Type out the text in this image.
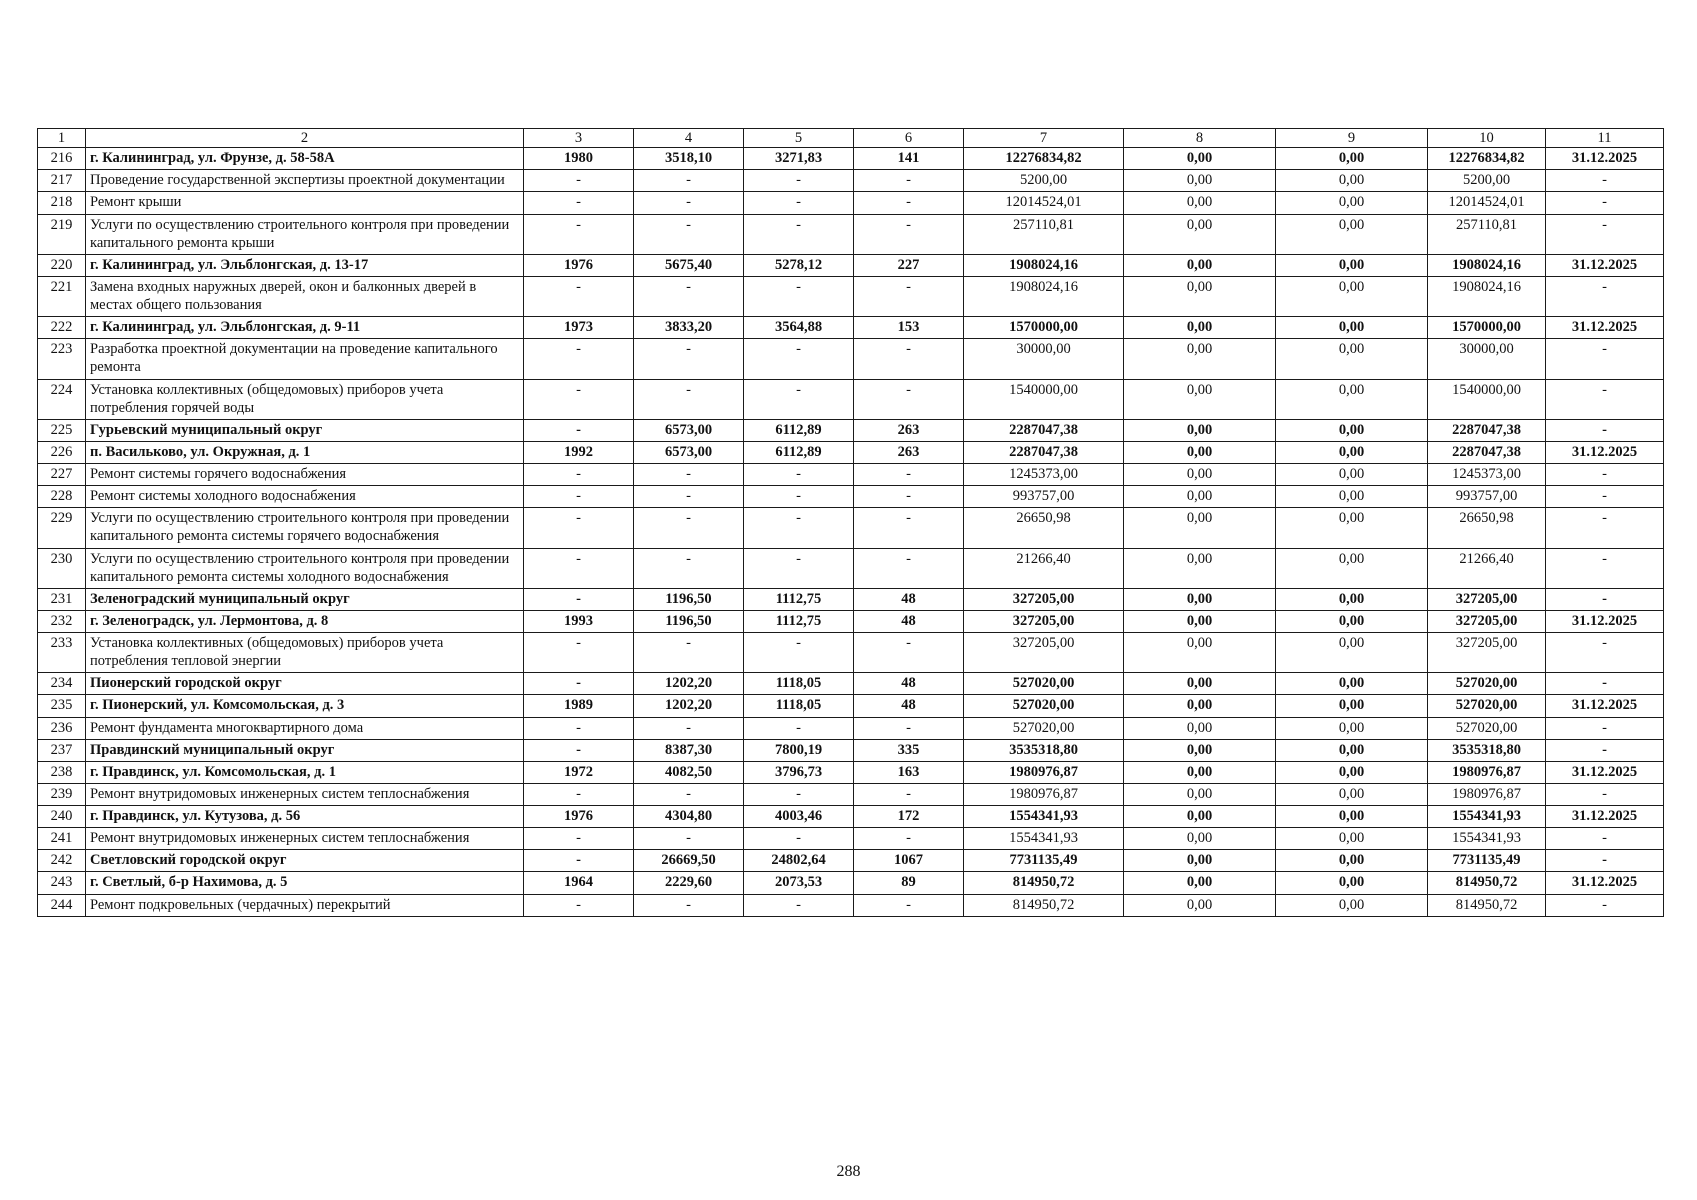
1	2	3	4	5	6	7	8	9	10	11
216	г. Калининград, ул. Фрунзе, д. 58-58А	1980	3518,10	3271,83	141	12276834,82	0,00	0,00	12276834,82	31.12.2025
217	Проведение государственной экспертизы проектной документации	-	-	-	-	5200,00	0,00	0,00	5200,00	-
218	Ремонт крыши	-	-	-	-	12014524,01	0,00	0,00	12014524,01	-
219	Услуги по осуществлению строительного контроля при проведении капитального ремонта крыши	-	-	-	-	257110,81	0,00	0,00	257110,81	-
220	г. Калининград, ул. Эльблонгская, д. 13-17	1976	5675,40	5278,12	227	1908024,16	0,00	0,00	1908024,16	31.12.2025
221	Замена входных наружных дверей, окон и балконных дверей в местах общего пользования	-	-	-	-	1908024,16	0,00	0,00	1908024,16	-
222	г. Калининград, ул. Эльблонгская, д. 9-11	1973	3833,20	3564,88	153	1570000,00	0,00	0,00	1570000,00	31.12.2025
223	Разработка проектной документации на проведение капитального ремонта	-	-	-	-	30000,00	0,00	0,00	30000,00	-
224	Установка коллективных (общедомовых) приборов учета потребления горячей воды	-	-	-	-	1540000,00	0,00	0,00	1540000,00	-
225	Гурьевский муниципальный округ	-	6573,00	6112,89	263	2287047,38	0,00	0,00	2287047,38	-
226	п. Васильково, ул. Окружная, д. 1	1992	6573,00	6112,89	263	2287047,38	0,00	0,00	2287047,38	31.12.2025
227	Ремонт системы горячего водоснабжения	-	-	-	-	1245373,00	0,00	0,00	1245373,00	-
228	Ремонт системы холодного водоснабжения	-	-	-	-	993757,00	0,00	0,00	993757,00	-
229	Услуги по осуществлению строительного контроля при проведении капитального ремонта системы горячего водоснабжения	-	-	-	-	26650,98	0,00	0,00	26650,98	-
230	Услуги по осуществлению строительного контроля при проведении капитального ремонта системы холодного водоснабжения	-	-	-	-	21266,40	0,00	0,00	21266,40	-
231	Зеленоградский муниципальный округ	-	1196,50	1112,75	48	327205,00	0,00	0,00	327205,00	-
232	г. Зеленоградск, ул. Лермонтова, д. 8	1993	1196,50	1112,75	48	327205,00	0,00	0,00	327205,00	31.12.2025
233	Установка коллективных (общедомовых) приборов учета потребления тепловой энергии	-	-	-	-	327205,00	0,00	0,00	327205,00	-
234	Пионерский городской округ	-	1202,20	1118,05	48	527020,00	0,00	0,00	527020,00	-
235	г. Пионерский, ул. Комсомольская, д. 3	1989	1202,20	1118,05	48	527020,00	0,00	0,00	527020,00	31.12.2025
236	Ремонт фундамента многоквартирного дома	-	-	-	-	527020,00	0,00	0,00	527020,00	-
237	Правдинский муниципальный округ	-	8387,30	7800,19	335	3535318,80	0,00	0,00	3535318,80	-
238	г. Правдинск, ул. Комсомольская, д. 1	1972	4082,50	3796,73	163	1980976,87	0,00	0,00	1980976,87	31.12.2025
239	Ремонт внутридомовых инженерных систем теплоснабжения	-	-	-	-	1980976,87	0,00	0,00	1980976,87	-
240	г. Правдинск, ул. Кутузова, д. 56	1976	4304,80	4003,46	172	1554341,93	0,00	0,00	1554341,93	31.12.2025
241	Ремонт внутридомовых инженерных систем теплоснабжения	-	-	-	-	1554341,93	0,00	0,00	1554341,93	-
242	Светловский городской округ	-	26669,50	24802,64	1067	7731135,49	0,00	0,00	7731135,49	-
243	г. Светлый, б-р Нахимова, д. 5	1964	2229,60	2073,53	89	814950,72	0,00	0,00	814950,72	31.12.2025
244	Ремонт подкровельных (чердачных) перекрытий	-	-	-	-	814950,72	0,00	0,00	814950,72	-
288
